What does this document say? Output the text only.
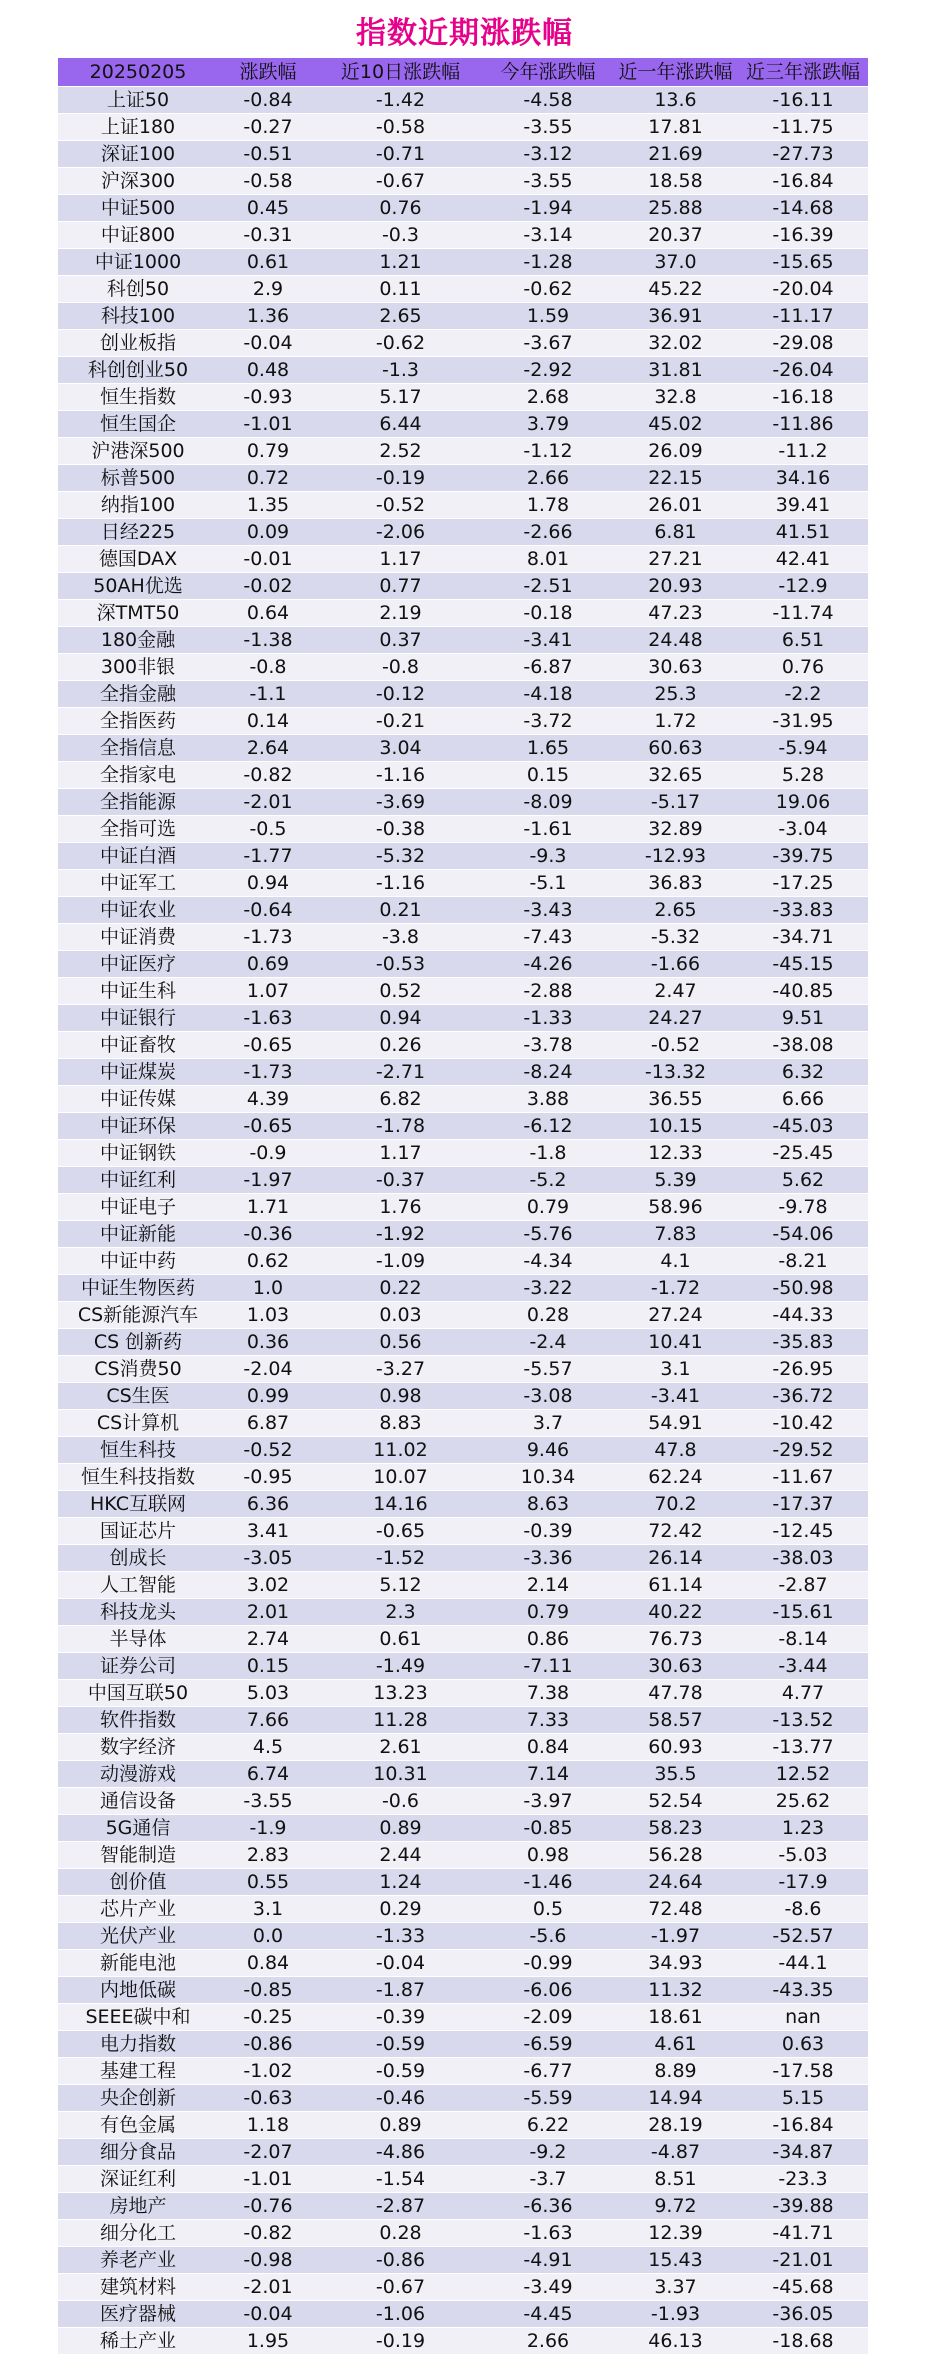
指数近期涨跌幅
20250205	涨跌幅	近10日涨跌幅	今年涨跌幅	近一年涨跌幅	近三年涨跌幅
上证50	-0.84	-1.42	-4.58	13.6	-16.11
上证180	-0.27	-0.58	-3.55	17.81	-11.75
深证100	-0.51	-0.71	-3.12	21.69	-27.73
沪深300	-0.58	-0.67	-3.55	18.58	-16.84
中证500	0.45	0.76	-1.94	25.88	-14.68
中证800	-0.31	-0.3	-3.14	20.37	-16.39
中证1000	0.61	1.21	-1.28	37.0	-15.65
科创50	2.9	0.11	-0.62	45.22	-20.04
科技100	1.36	2.65	1.59	36.91	-11.17
创业板指	-0.04	-0.62	-3.67	32.02	-29.08
科创创业50	0.48	-1.3	-2.92	31.81	-26.04
恒生指数	-0.93	5.17	2.68	32.8	-16.18
恒生国企	-1.01	6.44	3.79	45.02	-11.86
沪港深500	0.79	2.52	-1.12	26.09	-11.2
标普500	0.72	-0.19	2.66	22.15	34.16
纳指100	1.35	-0.52	1.78	26.01	39.41
日经225	0.09	-2.06	-2.66	6.81	41.51
德国DAX	-0.01	1.17	8.01	27.21	42.41
50AH优选	-0.02	0.77	-2.51	20.93	-12.9
深TMT50	0.64	2.19	-0.18	47.23	-11.74
180金融	-1.38	0.37	-3.41	24.48	6.51
300非银	-0.8	-0.8	-6.87	30.63	0.76
全指金融	-1.1	-0.12	-4.18	25.3	-2.2
全指医药	0.14	-0.21	-3.72	1.72	-31.95
全指信息	2.64	3.04	1.65	60.63	-5.94
全指家电	-0.82	-1.16	0.15	32.65	5.28
全指能源	-2.01	-3.69	-8.09	-5.17	19.06
全指可选	-0.5	-0.38	-1.61	32.89	-3.04
中证白酒	-1.77	-5.32	-9.3	-12.93	-39.75
中证军工	0.94	-1.16	-5.1	36.83	-17.25
中证农业	-0.64	0.21	-3.43	2.65	-33.83
中证消费	-1.73	-3.8	-7.43	-5.32	-34.71
中证医疗	0.69	-0.53	-4.26	-1.66	-45.15
中证生科	1.07	0.52	-2.88	2.47	-40.85
中证银行	-1.63	0.94	-1.33	24.27	9.51
中证畜牧	-0.65	0.26	-3.78	-0.52	-38.08
中证煤炭	-1.73	-2.71	-8.24	-13.32	6.32
中证传媒	4.39	6.82	3.88	36.55	6.66
中证环保	-0.65	-1.78	-6.12	10.15	-45.03
中证钢铁	-0.9	1.17	-1.8	12.33	-25.45
中证红利	-1.97	-0.37	-5.2	5.39	5.62
中证电子	1.71	1.76	0.79	58.96	-9.78
中证新能	-0.36	-1.92	-5.76	7.83	-54.06
中证中药	0.62	-1.09	-4.34	4.1	-8.21
中证生物医药	1.0	0.22	-3.22	-1.72	-50.98
CS新能源汽车	1.03	0.03	0.28	27.24	-44.33
CS 创新药	0.36	0.56	-2.4	10.41	-35.83
CS消费50	-2.04	-3.27	-5.57	3.1	-26.95
CS生医	0.99	0.98	-3.08	-3.41	-36.72
CS计算机	6.87	8.83	3.7	54.91	-10.42
恒生科技	-0.52	11.02	9.46	47.8	-29.52
恒生科技指数	-0.95	10.07	10.34	62.24	-11.67
HKC互联网	6.36	14.16	8.63	70.2	-17.37
国证芯片	3.41	-0.65	-0.39	72.42	-12.45
创成长	-3.05	-1.52	-3.36	26.14	-38.03
人工智能	3.02	5.12	2.14	61.14	-2.87
科技龙头	2.01	2.3	0.79	40.22	-15.61
半导体	2.74	0.61	0.86	76.73	-8.14
证券公司	0.15	-1.49	-7.11	30.63	-3.44
中国互联50	5.03	13.23	7.38	47.78	4.77
软件指数	7.66	11.28	7.33	58.57	-13.52
数字经济	4.5	2.61	0.84	60.93	-13.77
动漫游戏	6.74	10.31	7.14	35.5	12.52
通信设备	-3.55	-0.6	-3.97	52.54	25.62
5G通信	-1.9	0.89	-0.85	58.23	1.23
智能制造	2.83	2.44	0.98	56.28	-5.03
创价值	0.55	1.24	-1.46	24.64	-17.9
芯片产业	3.1	0.29	0.5	72.48	-8.6
光伏产业	0.0	-1.33	-5.6	-1.97	-52.57
新能电池	0.84	-0.04	-0.99	34.93	-44.1
内地低碳	-0.85	-1.87	-6.06	11.32	-43.35
SEEE碳中和	-0.25	-0.39	-2.09	18.61	nan
电力指数	-0.86	-0.59	-6.59	4.61	0.63
基建工程	-1.02	-0.59	-6.77	8.89	-17.58
央企创新	-0.63	-0.46	-5.59	14.94	5.15
有色金属	1.18	0.89	6.22	28.19	-16.84
细分食品	-2.07	-4.86	-9.2	-4.87	-34.87
深证红利	-1.01	-1.54	-3.7	8.51	-23.3
房地产	-0.76	-2.87	-6.36	9.72	-39.88
细分化工	-0.82	0.28	-1.63	12.39	-41.71
养老产业	-0.98	-0.86	-4.91	15.43	-21.01
建筑材料	-2.01	-0.67	-3.49	3.37	-45.68
医疗器械	-0.04	-1.06	-4.45	-1.93	-36.05
稀土产业	1.95	-0.19	2.66	46.13	-18.68
